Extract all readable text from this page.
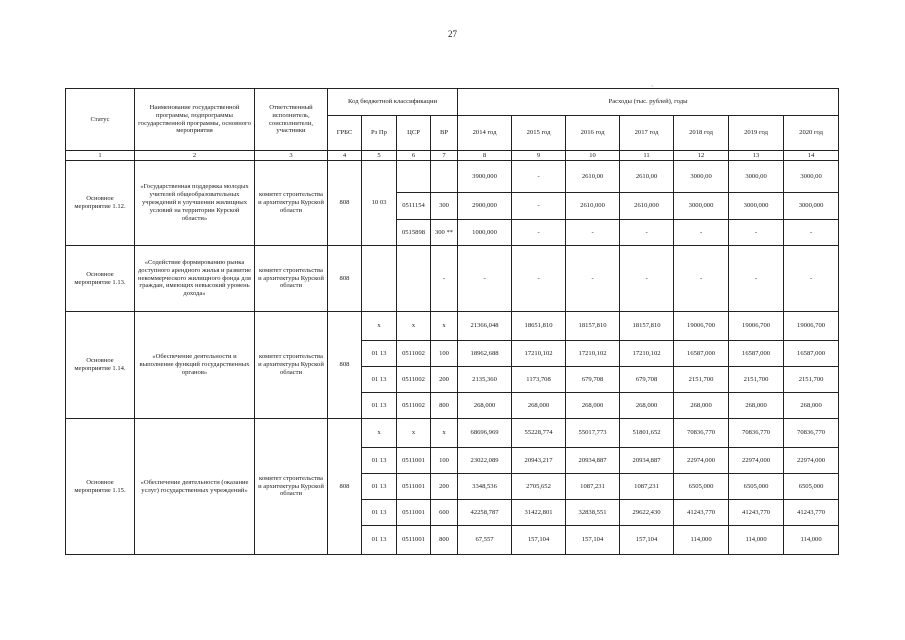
27
ˎ
Статус	Наименование государственной программы, подпрограммы государственной программы, основного мероприятия	Ответственный исполнитель, соисполнители, участники	Код бюджетной классификации				Расходы (тыс. рублей), годы						
			ГРБС	Рз Пр	ЦСР	ВР	2014 год	2015 год	2016 год	2017 год	2018 год	2019 год	2020 год
1	2	3	4	5	6	7	8	9	10	11	12	13	14
Основное мероприятие 1.12.	«Государственная поддержка молодых учителей общеобразовательных учреждений в улучшении жилищных условий на территории Курской области»	комитет строительства и архитектуры Курской области	808	10 03			3900,000	-	2610,00	2610,00	3000,00	3000,00	3000,00
					0511154	300	2900,000	-	2610,000	2610,000	3000,000	3000,000	3000,000
					0515898	300 **	1000,000	-	-	-	-	-	-
Основное мероприятие 1.13.	«Содействие формированию рынка доступного арендного жилья и развитие некоммерческого жилищного фонда для граждан, имеющих невысокий уровень дохода»	комитет строительства и архитектуры Курской области	808			-	-	-	-	-	-	-	-
Основное мероприятие 1.14.	«Обеспечение деятельности и выполнение функций государственных органов»	комитет строительства и архитектуры Курской области	808	x	x	x	21366,048	18651,810	18157,810	18157,810	19006,700	19006,700	19006,700
				01 13	0511002	100	18962,688	17210,102	17210,102	17210,102	16587,000	16587,000	16587,000
				01 13	0511002	200	2135,360	1173,708	679,708	679,708	2151,700	2151,700	2151,700
				01 13	0511002	800	268,000	268,000	268,000	268,000	268,000	268,000	268,000
Основное мероприятие 1.15.	«Обеспечение деятельности (оказание услуг) государственных учреждений»	комитет строительства и архитектуры Курской области	808	x	x	x	68696,969	55228,774	55017,773	51801,652	70836,770	70836,770	70836,770
				01 13	0511001	100	23022,089	20943,217	20934,887	20934,887	22974,000	22974,000	22974,000
				01 13	0511001	200	3348,536	2705,652	1087,231	1087,231	6505,000	6505,000	6505,000
				01 13	0511001	600	42258,787	31422,801	32838,551	29622,430	41243,770	41243,770	41243,770
				01 13	0511001	800	67,557	157,104	157,104	157,104	114,000	114,000	114,000
